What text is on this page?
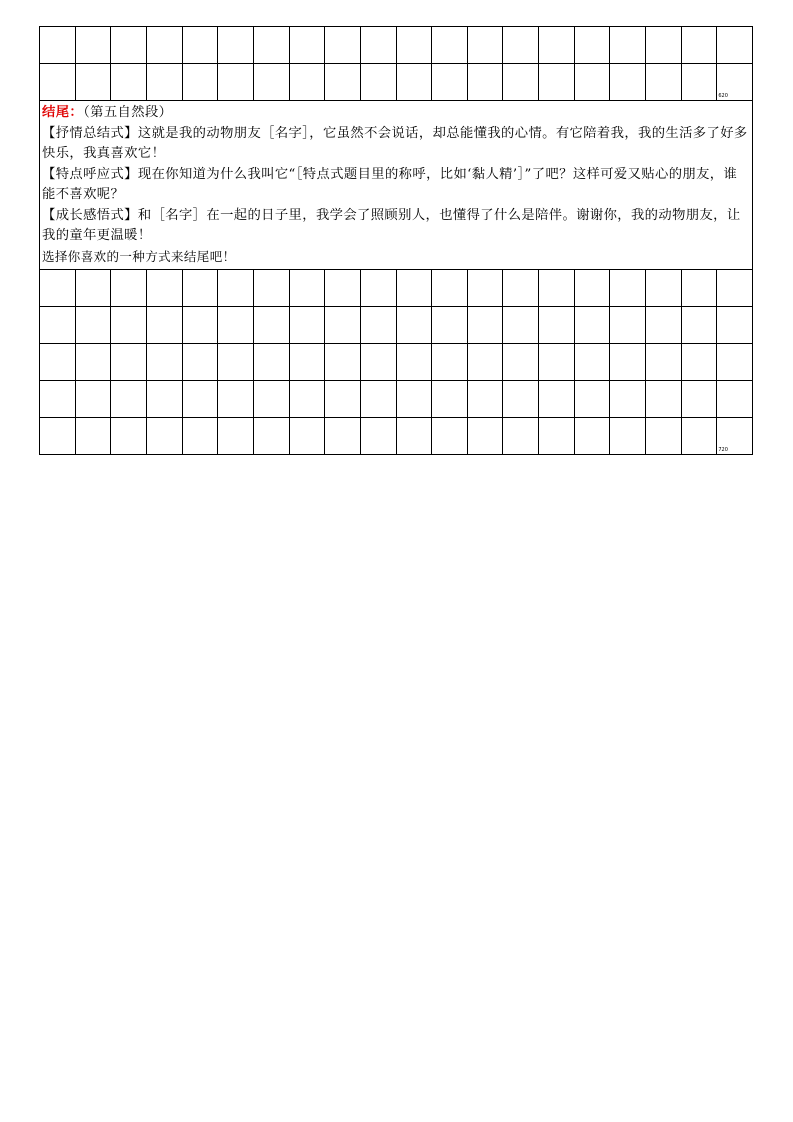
620

结尾：（第五自然段）

【抒情总结式】这就是我的动物朋友［名字］，它虽然不会说话，却总能懂我的心情。有它陪着我，我的生活多了好多快乐，我真喜欢它！

【特点呼应式】现在你知道为什么我叫它“［特点式题目里的称呼，比如‘黏人精’］”了吧？这样可爱又贴心的朋友，谁能不喜欢呢？

【成长感悟式】和［名字］在一起的日子里，我学会了照顾别人，也懂得了什么是陪伴。谢谢你，我的动物朋友，让我的童年更温暖！

选择你喜欢的一种方式来结尾吧！

720
